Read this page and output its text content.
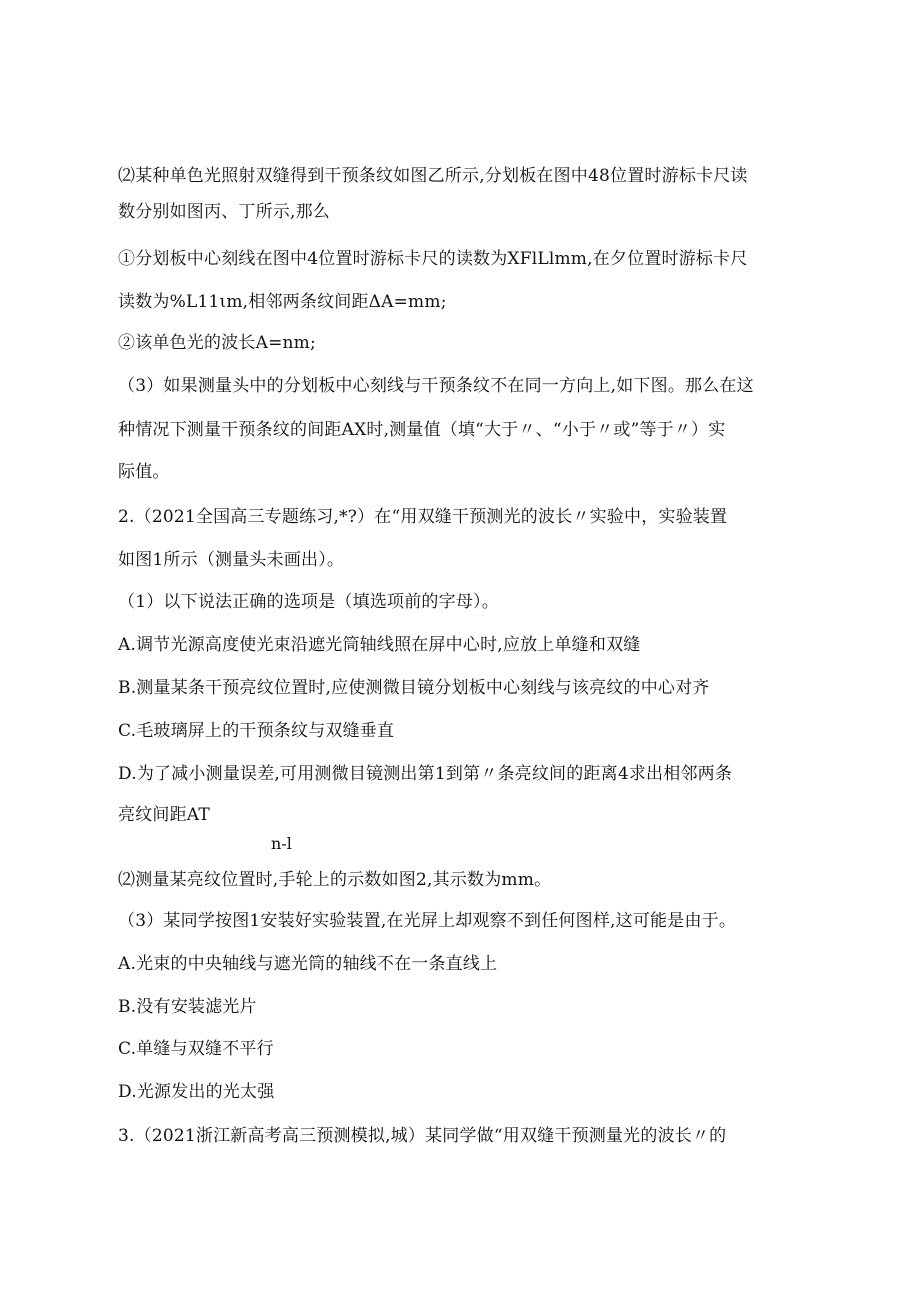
⑵某种单色光照射双缝得到干预条纹如图乙所示,分划板在图中48位置时游标卡尺读
数分别如图丙、丁所示,那么
①分划板中心刻线在图中4位置时游标卡尺的读数为XFlLlmm,在夕位置时游标卡尺
读数为%L11ιm,相邻两条纹间距ΔA=mm;
②该单色光的波长A=nm;
（3）如果测量头中的分划板中心刻线与干预条纹不在同一方向上,如下图。那么在这
种情况下测量干预条纹的间距AX时,测量值（填“大于〃、“小于〃或”等于〃）实
际值。
2.（2021全国高三专题练习,*?）在“用双缝干预测光的波长〃实验中，实验装置
如图1所示（测量头未画出）。
（1）以下说法正确的选项是（填选项前的字母）。
A.调节光源高度使光束沿遮光筒轴线照在屏中心时,应放上单缝和双缝
B.测量某条干预亮纹位置时,应使测微目镜分划板中心刻线与该亮纹的中心对齐
C.毛玻璃屏上的干预条纹与双缝垂直
D.为了减小测量误差,可用测微目镜测出第1到第〃条亮纹间的距离4求出相邻两条
亮纹间距AT
n-l
⑵测量某亮纹位置时,手轮上的示数如图2,其示数为mm。
（3）某同学按图1安装好实验装置,在光屏上却观察不到任何图样,这可能是由于。
A.光束的中央轴线与遮光筒的轴线不在一条直线上
B.没有安装滤光片
C.单缝与双缝不平行
D.光源发出的光太强
3.（2021浙江新高考高三预测模拟,城）某同学做“用双缝干预测量光的波长〃的
